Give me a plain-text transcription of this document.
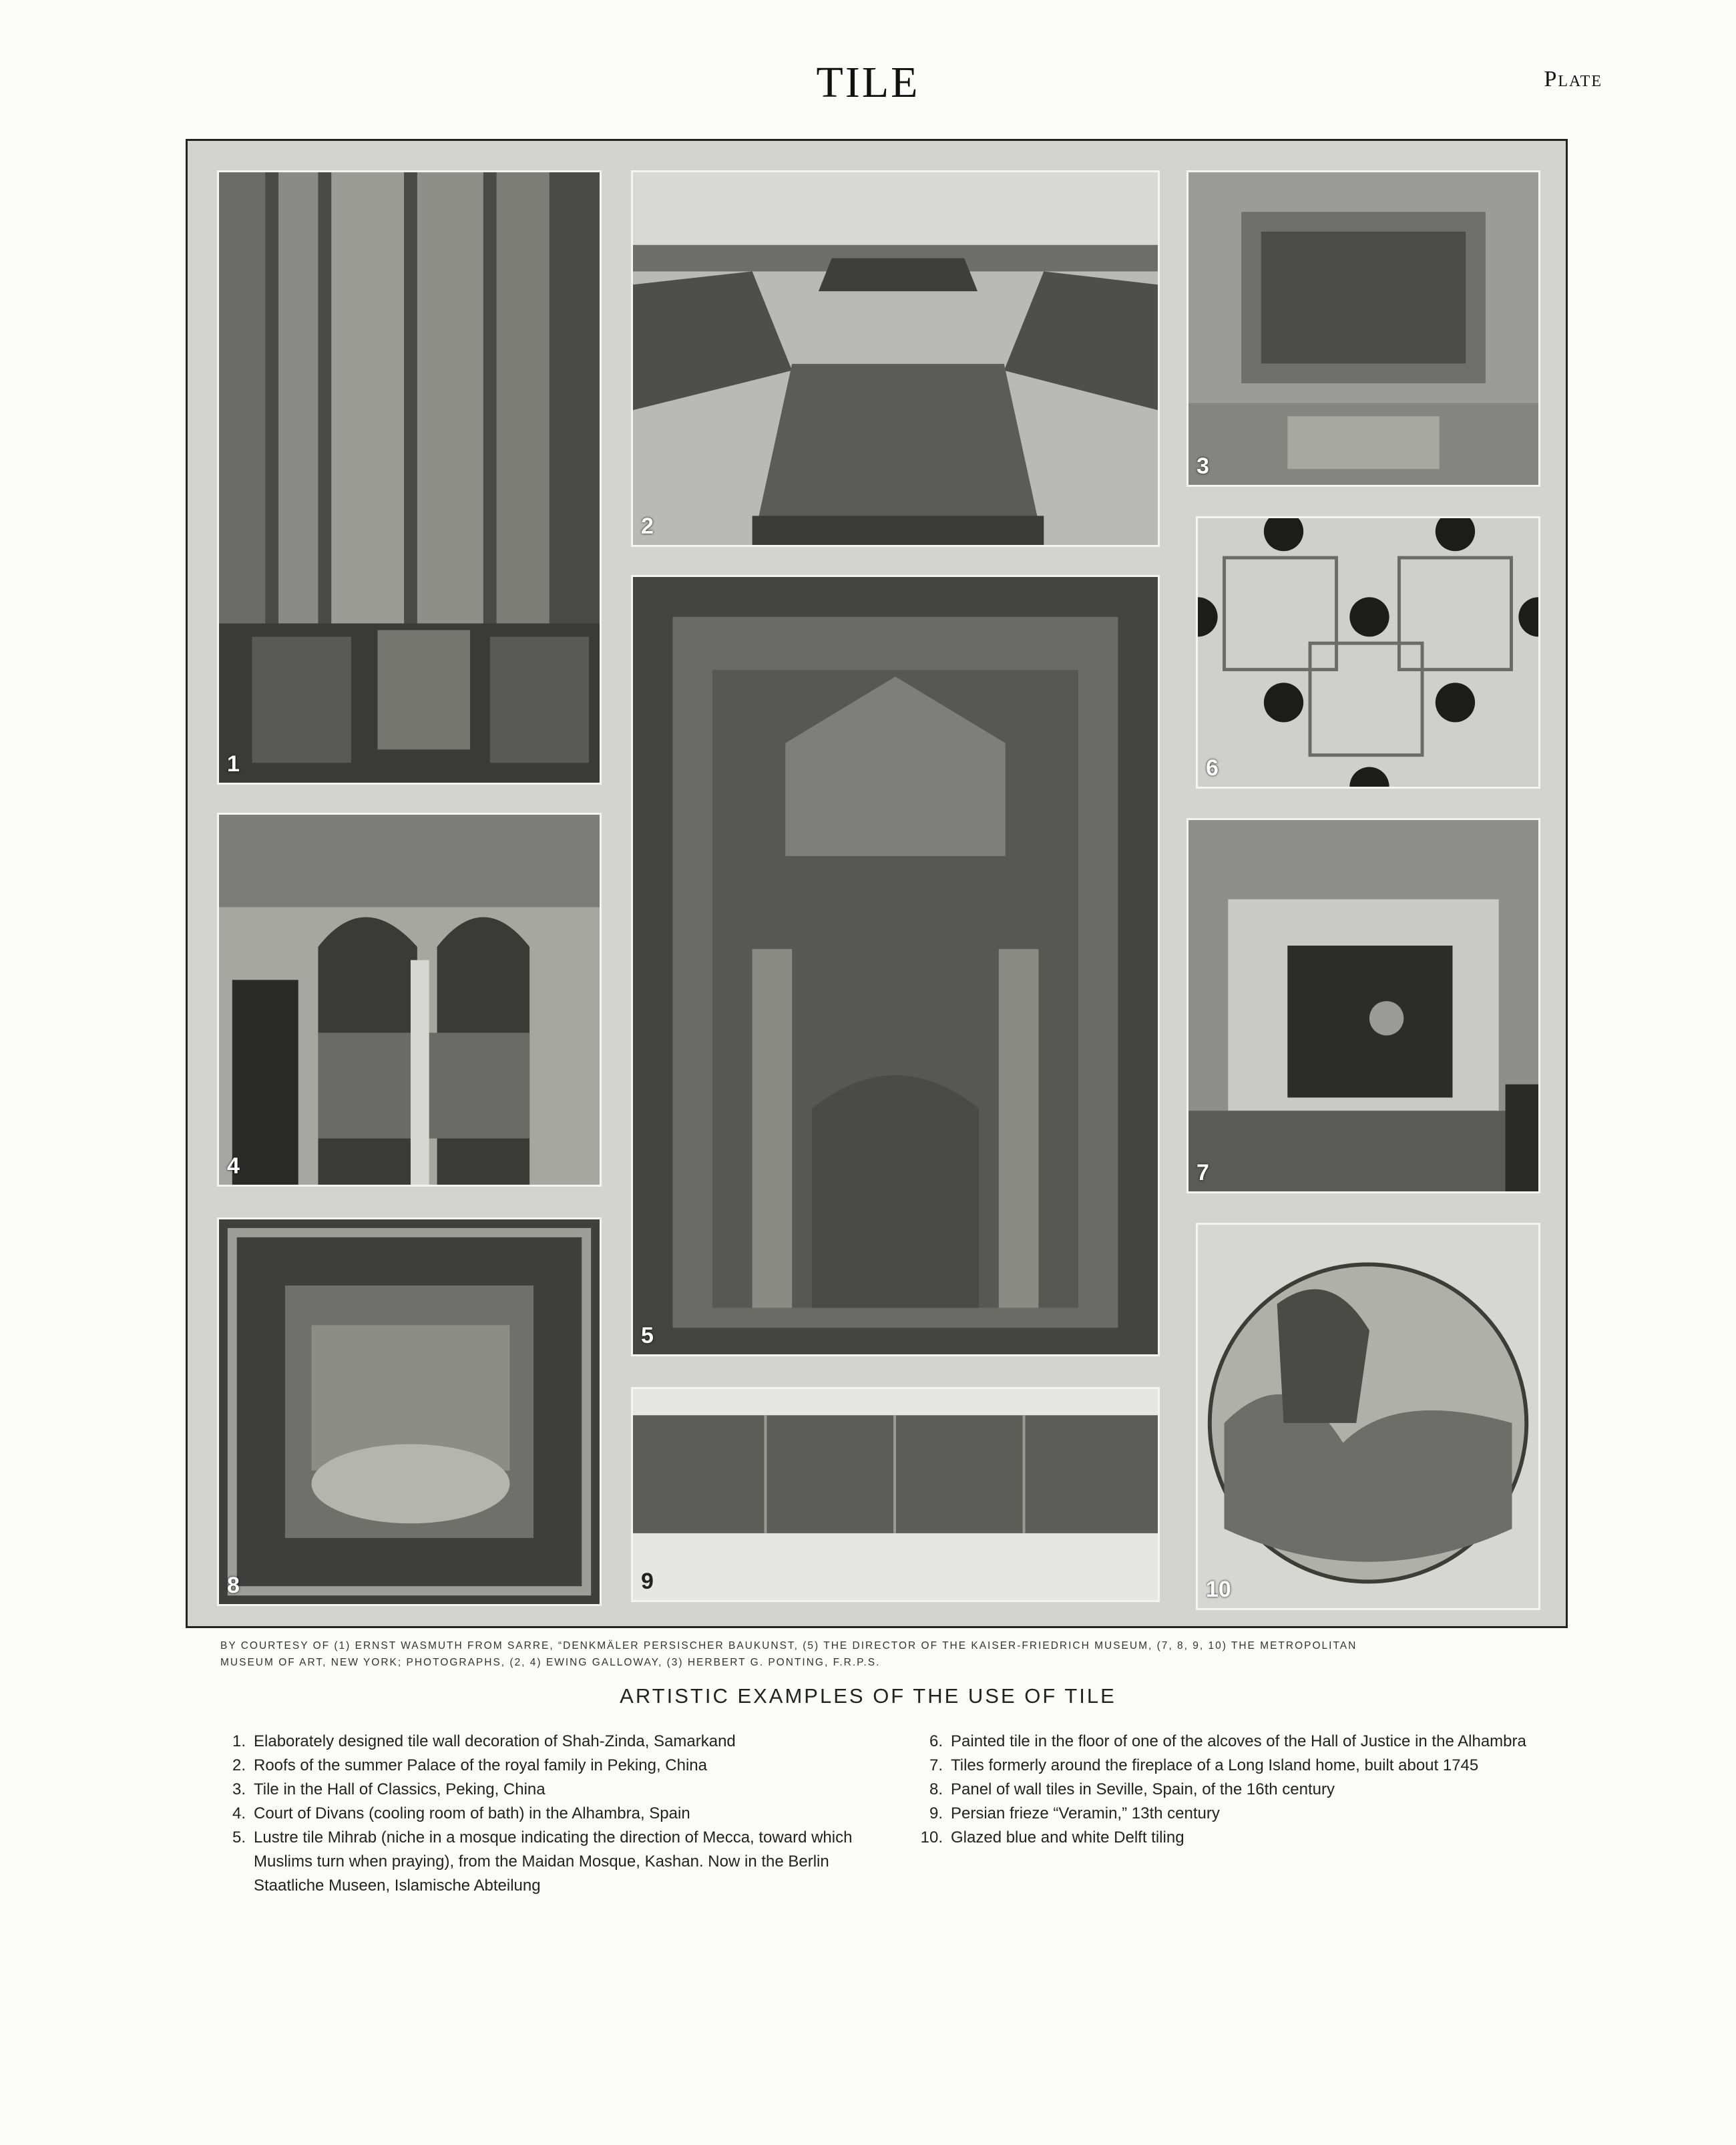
TILE	Plate
1
2
3
6
4
5
7
8	9	10
BY COURTESY OF (1) ERNST WASMUTH FROM SARRE, “DENKMÄLER PERSISCHER BAUKUNST, (5) THE DIRECTOR OF THE KAISER-FRIEDRICH MUSEUM, (7, 8, 9, 10) THE METROPOLITAN
MUSEUM OF ART, NEW YORK; PHOTOGRAPHS, (2, 4) EWING GALLOWAY, (3) HERBERT G. PONTING, F.R.P.S.
ARTISTIC EXAMPLES OF THE USE OF TILE
1. Elaborately designed tile wall decoration of Shah-Zinda, Samarkand
2. Roofs of the summer Palace of the royal family in Peking, China
3. Tile in the Hall of Classics, Peking, China
4. Court of Divans (cooling room of bath) in the Alhambra, Spain
5. Lustre tile Mihrab (niche in a mosque indicating the direction of Mecca, toward which Muslims turn when praying), from the Maidan Mosque, Kashan. Now in the Berlin Staatliche Museen, Islamische Abteilung
6. Painted tile in the floor of one of the alcoves of the Hall of Justice in the Alhambra
7. Tiles formerly around the fireplace of a Long Island home, built about 1745
8. Panel of wall tiles in Seville, Spain, of the 16th century
9. Persian frieze “Veramin,” 13th century
10. Glazed blue and white Delft tiling
